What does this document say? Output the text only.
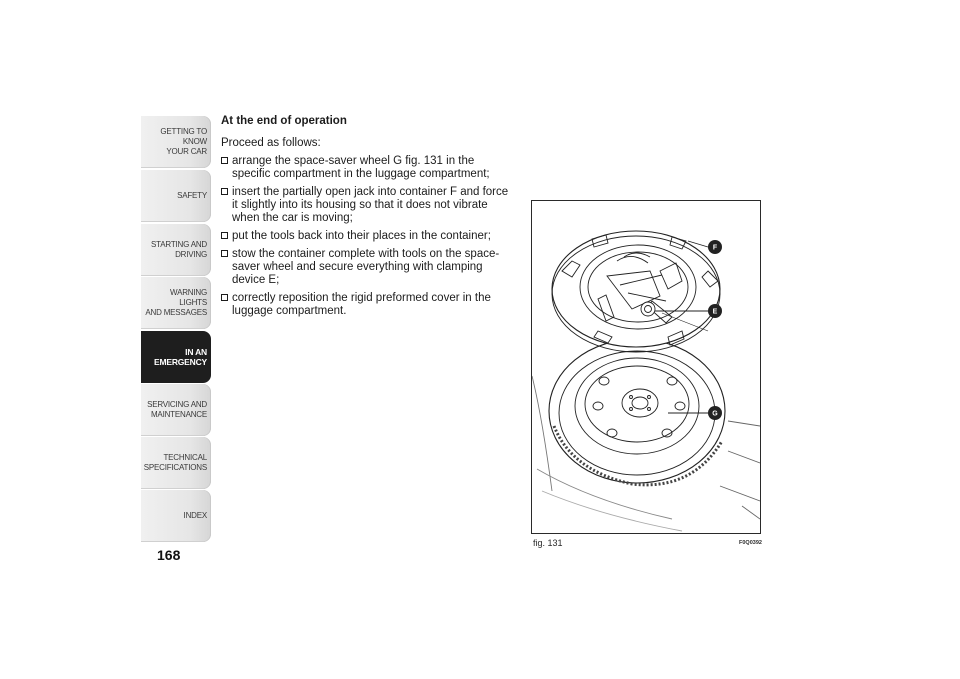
GETTING TO KNOW
YOUR CAR
SAFETY
STARTING AND
DRIVING
WARNING LIGHTS
AND MESSAGES
IN AN
EMERGENCY
SERVICING AND
MAINTENANCE
TECHNICAL
SPECIFICATIONS
INDEX
168

At the end of operation

Proceed as follows:

arrange the space-saver wheel G fig. 131 in the specific compartment in the luggage compartment;
insert the partially open jack into container F and force it slightly into its housing so that it does not vibrate when the car is moving;
put the tools back into their places in the container;
stow the container complete with tools on the space-saver wheel and secure everything with clamping device E;
correctly reposition the rigid preformed cover in the luggage compartment.
F
E
G
fig. 131	F0Q0392
